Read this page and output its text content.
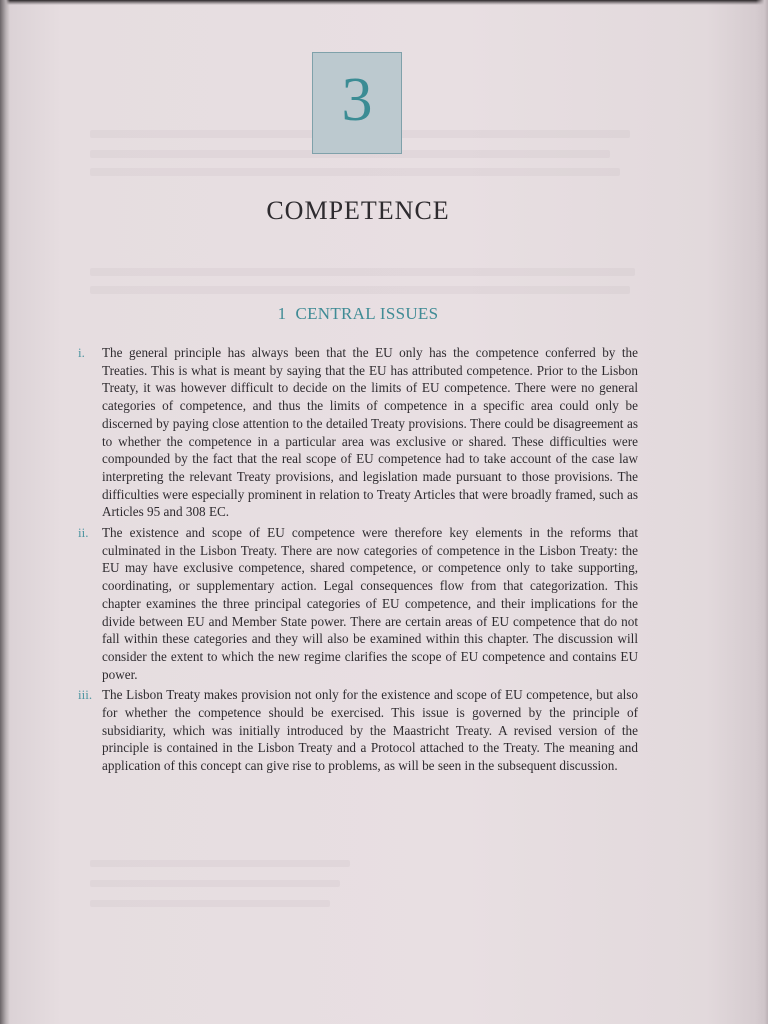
3
COMPETENCE
1 CENTRAL ISSUES
i. The general principle has always been that the EU only has the competence conferred by the Treaties. This is what is meant by saying that the EU has attributed competence. Prior to the Lisbon Treaty, it was however difficult to decide on the limits of EU competence. There were no general categories of competence, and thus the limits of competence in a specific area could only be discerned by paying close attention to the detailed Treaty provisions. There could be disagreement as to whether the competence in a particular area was exclusive or shared. These difficulties were compounded by the fact that the real scope of EU competence had to take account of the case law interpreting the relevant Treaty provisions, and legislation made pursuant to those provisions. The difficulties were especially prominent in relation to Treaty Articles that were broadly framed, such as Articles 95 and 308 EC.
ii. The existence and scope of EU competence were therefore key elements in the reforms that culminated in the Lisbon Treaty. There are now categories of competence in the Lisbon Treaty: the EU may have exclusive competence, shared competence, or competence only to take supporting, coordinating, or supplementary action. Legal consequences flow from that categorization. This chapter examines the three principal categories of EU competence, and their implications for the divide between EU and Member State power. There are certain areas of EU competence that do not fall within these categories and they will also be examined within this chapter. The discussion will consider the extent to which the new regime clarifies the scope of EU competence and contains EU power.
iii. The Lisbon Treaty makes provision not only for the existence and scope of EU competence, but also for whether the competence should be exercised. This issue is governed by the principle of subsidiarity, which was initially introduced by the Maastricht Treaty. A revised version of the principle is contained in the Lisbon Treaty and a Protocol attached to the Treaty. The meaning and application of this concept can give rise to problems, as will be seen in the subsequent discussion.
